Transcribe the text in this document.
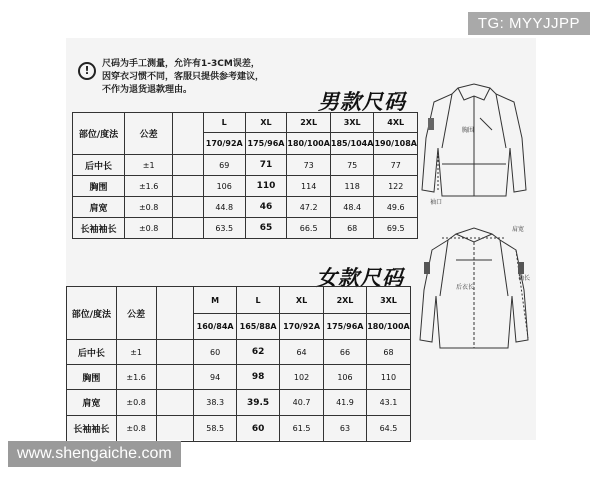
TG: MYYJJPP
!	尺码为手工测量，允许有1-3CM误差，
因穿衣习惯不同，客服只提供参考建议，
不作为退货退款理由。	男款尺码
部位/度法	公差		L	XL	2XL	3XL	4XL
			170/92A	175/96A	180/100A	185/104A	190/108A
后中长	±1		69	71	73	75	77
胸围	±1.6		106	110	114	118	122
肩宽	±0.8		44.8	46	47.2	48.4	49.6
长袖袖长	±0.8		63.5	65	66.5	68	69.5
女款尺码
部位/度法	公差		M	L	XL	2XL	3XL
			160/84A	165/88A	170/92A	175/96A	180/100A
后中长	±1		60	62	64	66	68
胸围	±1.6		94	98	102	106	110
肩宽	±0.8		38.3	39.5	40.7	41.9	43.1
长袖袖长	±0.8		58.5	60	61.5	63	64.5
胸围
袖口
肩宽
袖长
后衣长
www.shengaiche.com
